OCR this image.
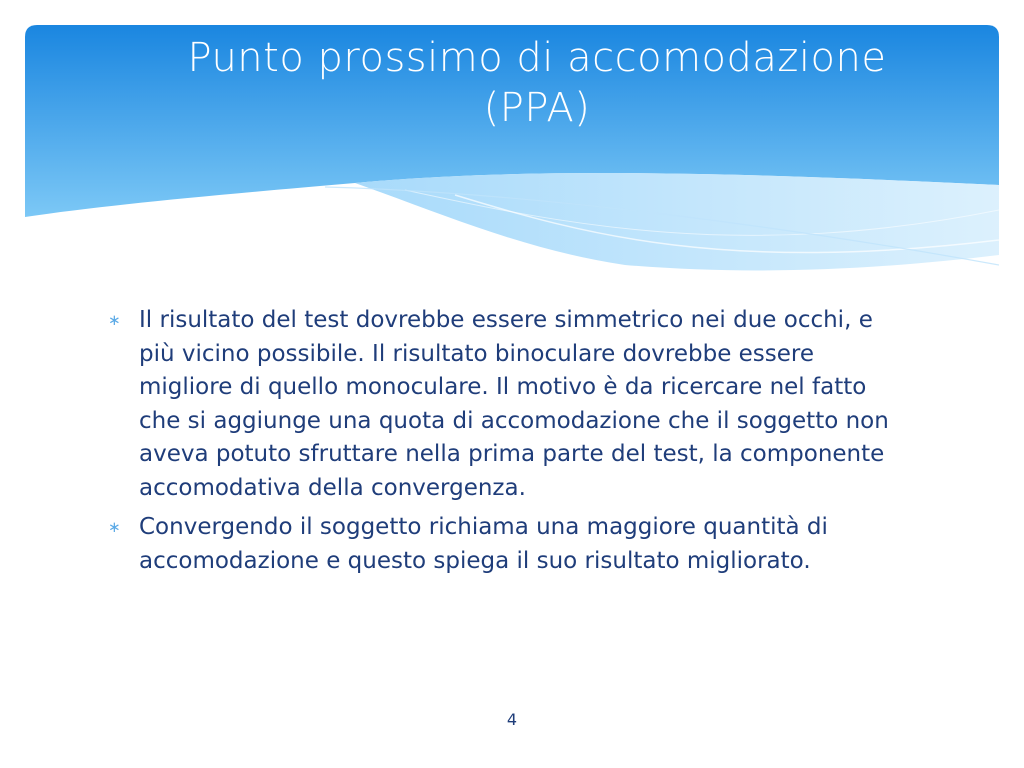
Punto prossimo di accomodazione
(PPA)
∗ Il risultato del test dovrebbe essere simmetrico nei due occhi, e più vicino possibile. Il risultato binoculare dovrebbe essere migliore di quello monoculare. Il motivo è da ricercare nel fatto che si aggiunge una quota di accomodazione che il soggetto non aveva potuto sfruttare nella prima parte del test, la componente accomodativa della convergenza.
∗ Convergendo il soggetto richiama una maggiore quantità di accomodazione e questo spiega il suo risultato migliorato.
4
